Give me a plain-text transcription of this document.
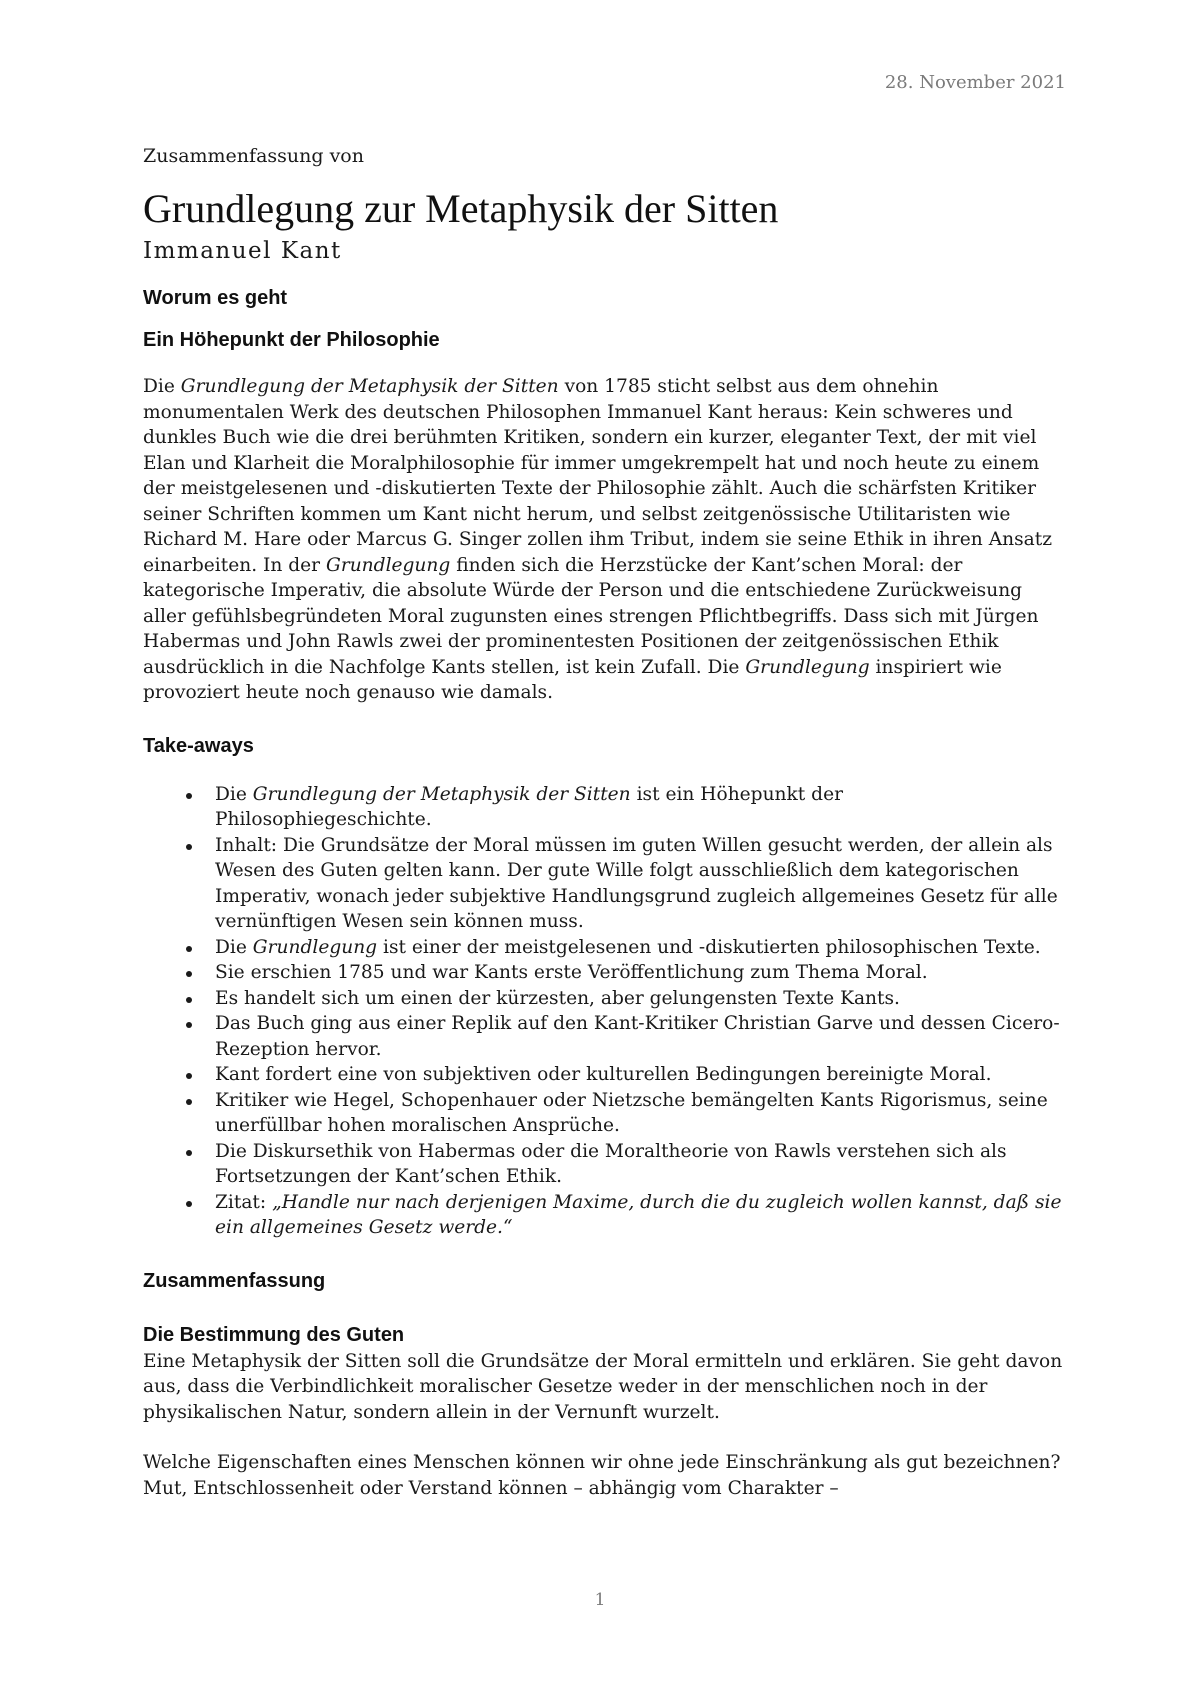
28. November 2021

Zusammenfassung von

Grundlegung zur Metaphysik der Sitten

Immanuel Kant

Worum es geht
Ein Höhepunkt der Philosophie

Die Grundlegung der Metaphysik der Sitten von 1785 sticht selbst aus dem ohnehin monumentalen Werk des deutschen Philosophen Immanuel Kant heraus: Kein schweres und dunkles Buch wie die drei berühmten Kritiken, sondern ein kurzer, eleganter Text, der mit viel Elan und Klarheit die Moralphilosophie für immer umgekrempelt hat und noch heute zu einem der meistgelesenen und -diskutierten Texte der Philosophie zählt. Auch die schärfsten Kritiker seiner Schriften kommen um Kant nicht herum, und selbst zeitgenössische Utilitaristen wie Richard M. Hare oder Marcus G. Singer zollen ihm Tribut, indem sie seine Ethik in ihren Ansatz einarbeiten. In der Grundlegung finden sich die Herzstücke der Kant’schen Moral: der kategorische Imperativ, die absolute Würde der Person und die entschiedene Zurückweisung aller gefühlsbegründeten Moral zugunsten eines strengen Pflichtbegriffs. Dass sich mit Jürgen Habermas und John Rawls zwei der prominentesten Positionen der zeitgenössischen Ethik ausdrücklich in die Nachfolge Kants stellen, ist kein Zufall. Die Grundlegung inspiriert wie provoziert heute noch genauso wie damals.

Take-aways
Die Grundlegung der Metaphysik der Sitten ist ein Höhepunkt der Philosophiegeschichte.
Inhalt: Die Grundsätze der Moral müssen im guten Willen gesucht werden, der allein als Wesen des Guten gelten kann. Der gute Wille folgt ausschließlich dem kategorischen Imperativ, wonach jeder subjektive Handlungsgrund zugleich allgemeines Gesetz für alle vernünftigen Wesen sein können muss.
Die Grundlegung ist einer der meistgelesenen und -diskutierten philosophischen Texte.
Sie erschien 1785 und war Kants erste Veröffentlichung zum Thema Moral.
Es handelt sich um einen der kürzesten, aber gelungensten Texte Kants.
Das Buch ging aus einer Replik auf den Kant-Kritiker Christian Garve und dessen Cicero-Rezeption hervor.
Kant fordert eine von subjektiven oder kulturellen Bedingungen bereinigte Moral.
Kritiker wie Hegel, Schopenhauer oder Nietzsche bemängelten Kants Rigorismus, seine unerfüllbar hohen moralischen Ansprüche.
Die Diskursethik von Habermas oder die Moraltheorie von Rawls verstehen sich als Fortsetzungen der Kant’schen Ethik.
Zitat: „Handle nur nach derjenigen Maxime, durch die du zugleich wollen kannst, daß sie ein allgemeines Gesetz werde.“
Zusammenfassung
Die Bestimmung des Guten

Eine Metaphysik der Sitten soll die Grundsätze der Moral ermitteln und erklären. Sie geht davon aus, dass die Verbindlichkeit moralischer Gesetze weder in der menschlichen noch in der physikalischen Natur, sondern allein in der Vernunft wurzelt.

Welche Eigenschaften eines Menschen können wir ohne jede Einschränkung als gut bezeichnen? Mut, Entschlossenheit oder Verstand können – abhängig vom Charakter –

1
